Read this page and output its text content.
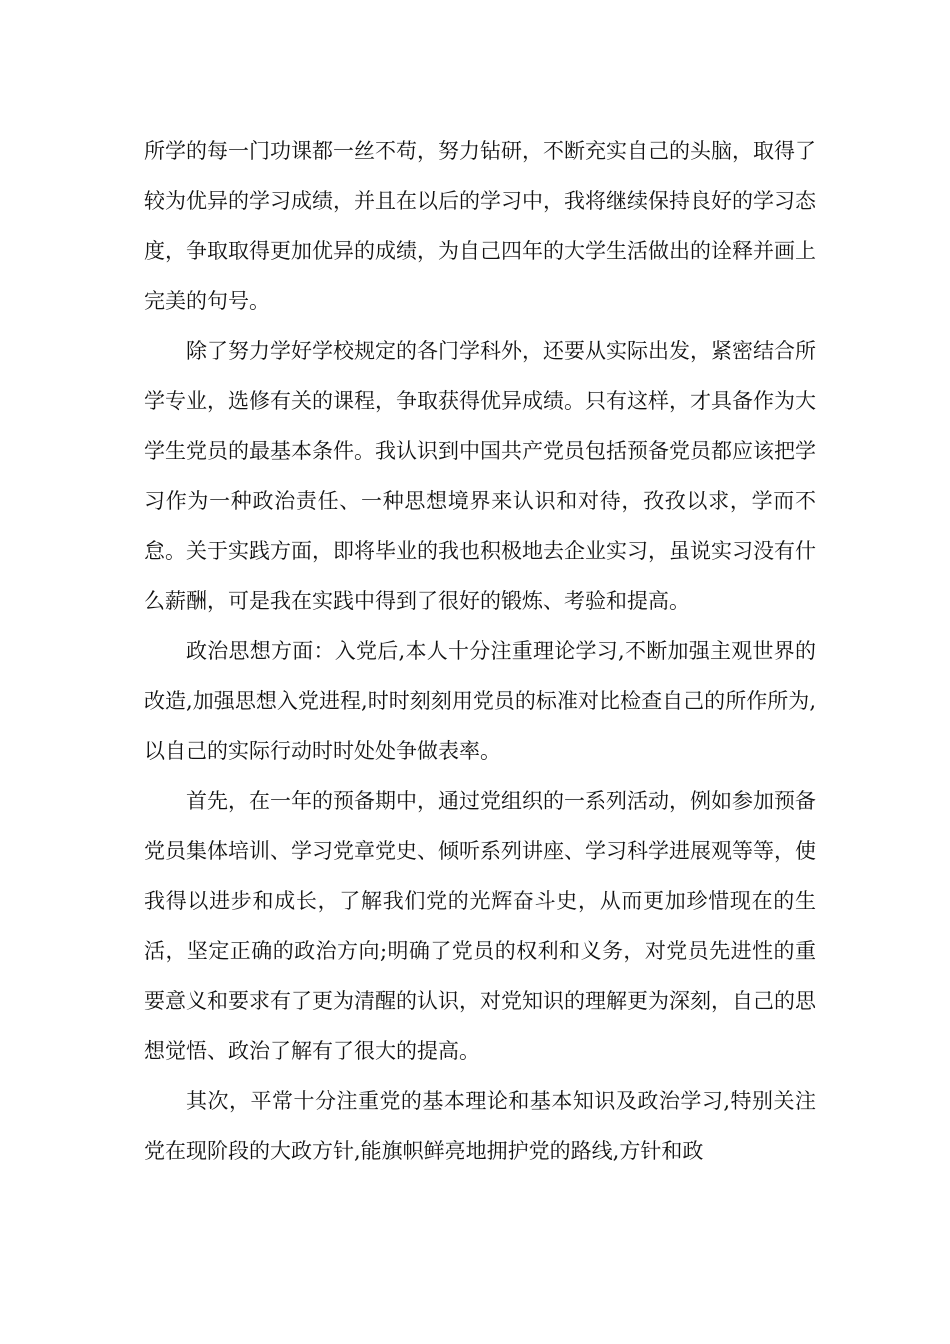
所学的每一门功课都一丝不苟，努力钻研，不断充实自己的头脑，取得了较为优异的学习成绩，并且在以后的学习中，我将继续保持良好的学习态度，争取取得更加优异的成绩，为自己四年的大学生活做出的诠释并画上完美的句号。

除了努力学好学校规定的各门学科外，还要从实际出发，紧密结合所学专业，选修有关的课程，争取获得优异成绩。只有这样，才具备作为大学生党员的最基本条件。我认识到中国共产党员包括预备党员都应该把学习作为一种政治责任、一种思想境界来认识和对待，孜孜以求，学而不怠。关于实践方面，即将毕业的我也积极地去企业实习，虽说实习没有什么薪酬，可是我在实践中得到了很好的锻炼、考验和提高。

政治思想方面：入党后,本人十分注重理论学习,不断加强主观世界的改造,加强思想入党进程,时时刻刻用党员的标准对比检查自己的所作所为,以自己的实际行动时时处处争做表率。

首先，在一年的预备期中，通过党组织的一系列活动，例如参加预备党员集体培训、学习党章党史、倾听系列讲座、学习科学进展观等等，使我得以进步和成长，了解我们党的光辉奋斗史，从而更加珍惜现在的生活，坚定正确的政治方向;明确了党员的权利和义务，对党员先进性的重要意义和要求有了更为清醒的认识，对党知识的理解更为深刻，自己的思想觉悟、政治了解有了很大的提高。

其次，平常十分注重党的基本理论和基本知识及政治学习,特别关注党在现阶段的大政方针,能旗帜鲜亮地拥护党的路线,方针和政
